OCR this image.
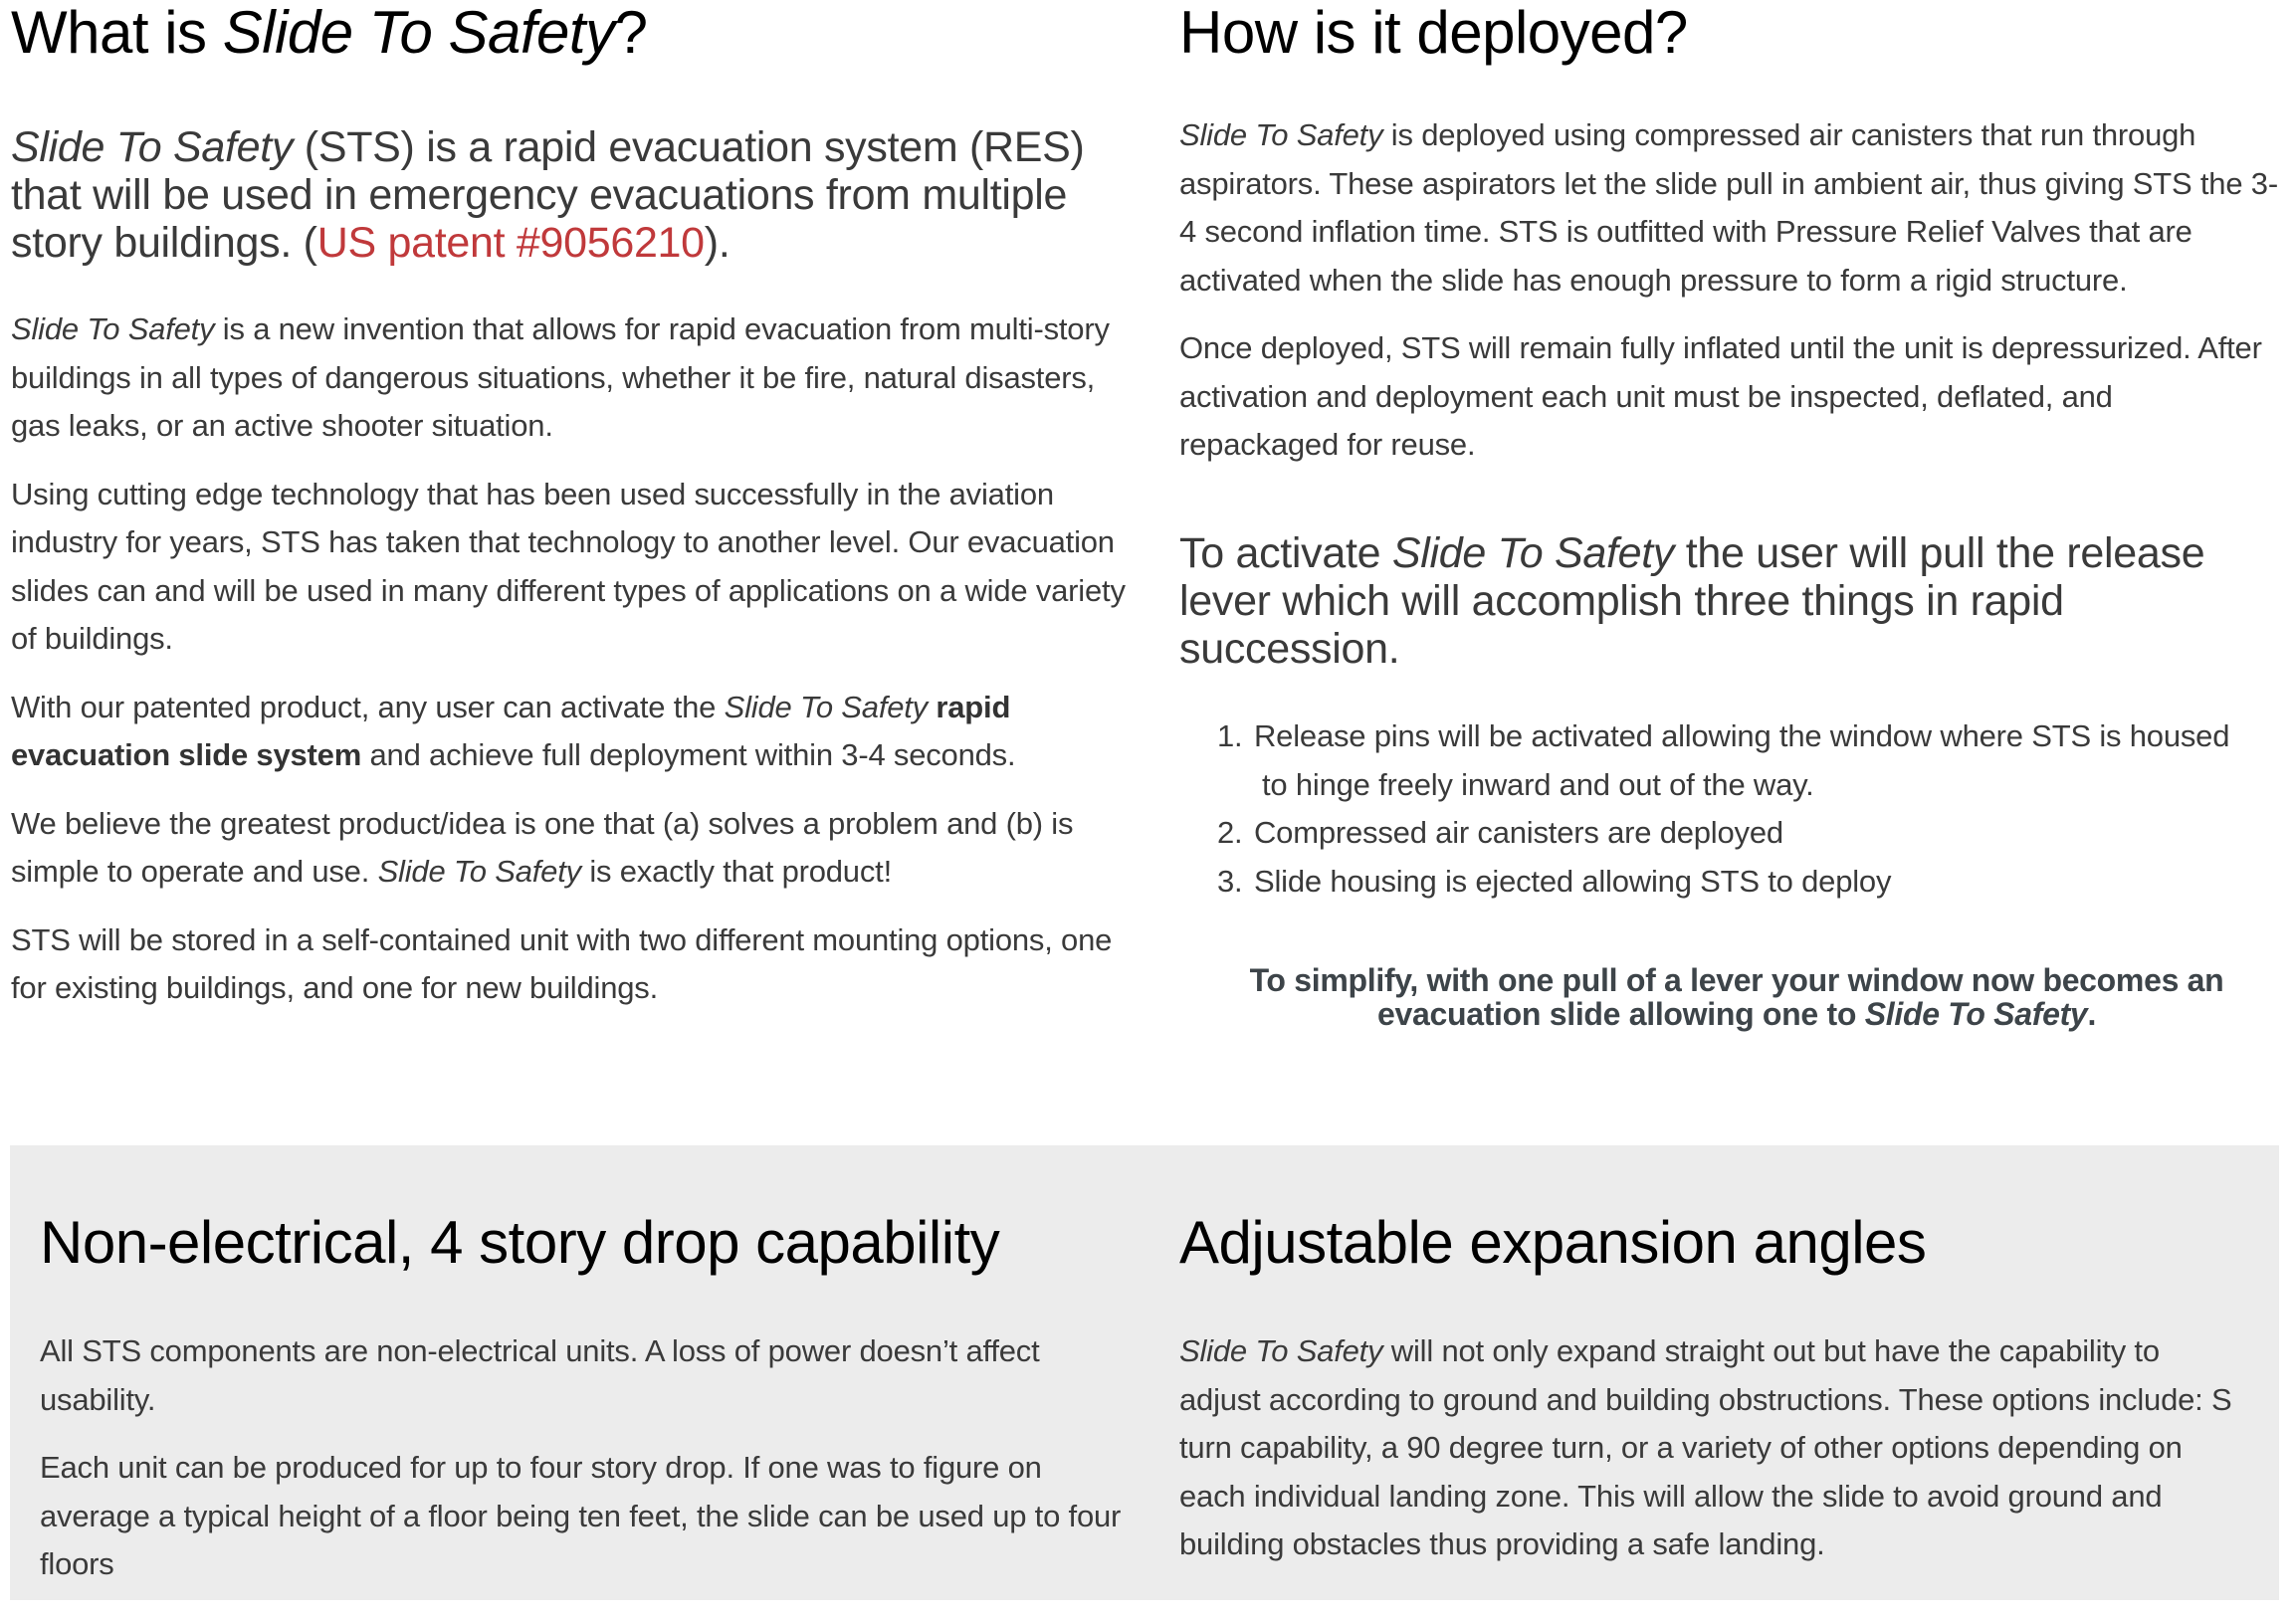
What is Slide To Safety?

Slide To Safety (STS) is a rapid evacuation system (RES) that will be used in emergency evacuations from multiple story buildings. (US patent #9056210).

Slide To Safety is a new invention that allows for rapid evacuation from multi-story buildings in all types of dangerous situations, whether it be fire, natural disasters, gas leaks, or an active shooter situation.

Using cutting edge technology that has been used successfully in the aviation industry for years, STS has taken that technology to another level. Our evacuation slides can and will be used in many different types of applications on a wide variety of buildings.

With our patented product, any user can activate the Slide To Safety rapid evacuation slide system and achieve full deployment within 3-4 seconds.

We believe the greatest product/idea is one that (a) solves a problem and (b) is simple to operate and use. Slide To Safety is exactly that product!

STS will be stored in a self-contained unit with two different mounting options, one for existing buildings, and one for new buildings.

How is it deployed?

Slide To Safety is deployed using compressed air canisters that run through aspirators. These aspirators let the slide pull in ambient air, thus giving STS the 3-4 second inflation time. STS is outfitted with Pressure Relief Valves that are activated when the slide has enough pressure to form a rigid structure.

Once deployed, STS will remain fully inflated until the unit is depressurized. After activation and deployment each unit must be inspected, deflated, and repackaged for reuse.

To activate Slide To Safety the user will pull the release lever which will accomplish three things in rapid succession.

1. Release pins will be activated allowing the window where STS is housed
to hinge freely inward and out of the way.
2. Compressed air canisters are deployed
3. Slide housing is ejected allowing STS to deploy

To simplify, with one pull of a lever your window now becomes an evacuation slide allowing one to Slide To Safety.

Non-electrical, 4 story drop capability

All STS components are non-electrical units. A loss of power doesn’t affect usability.

Each unit can be produced for up to four story drop. If one was to figure on average a typical height of a floor being ten feet, the slide can be used up to four floors

Adjustable expansion angles

Slide To Safety will not only expand straight out but have the capability to adjust according to ground and building obstructions. These options include: S turn capability, a 90 degree turn, or a variety of other options depending on each individual landing zone. This will allow the slide to avoid ground and building obstacles thus providing a safe landing.
